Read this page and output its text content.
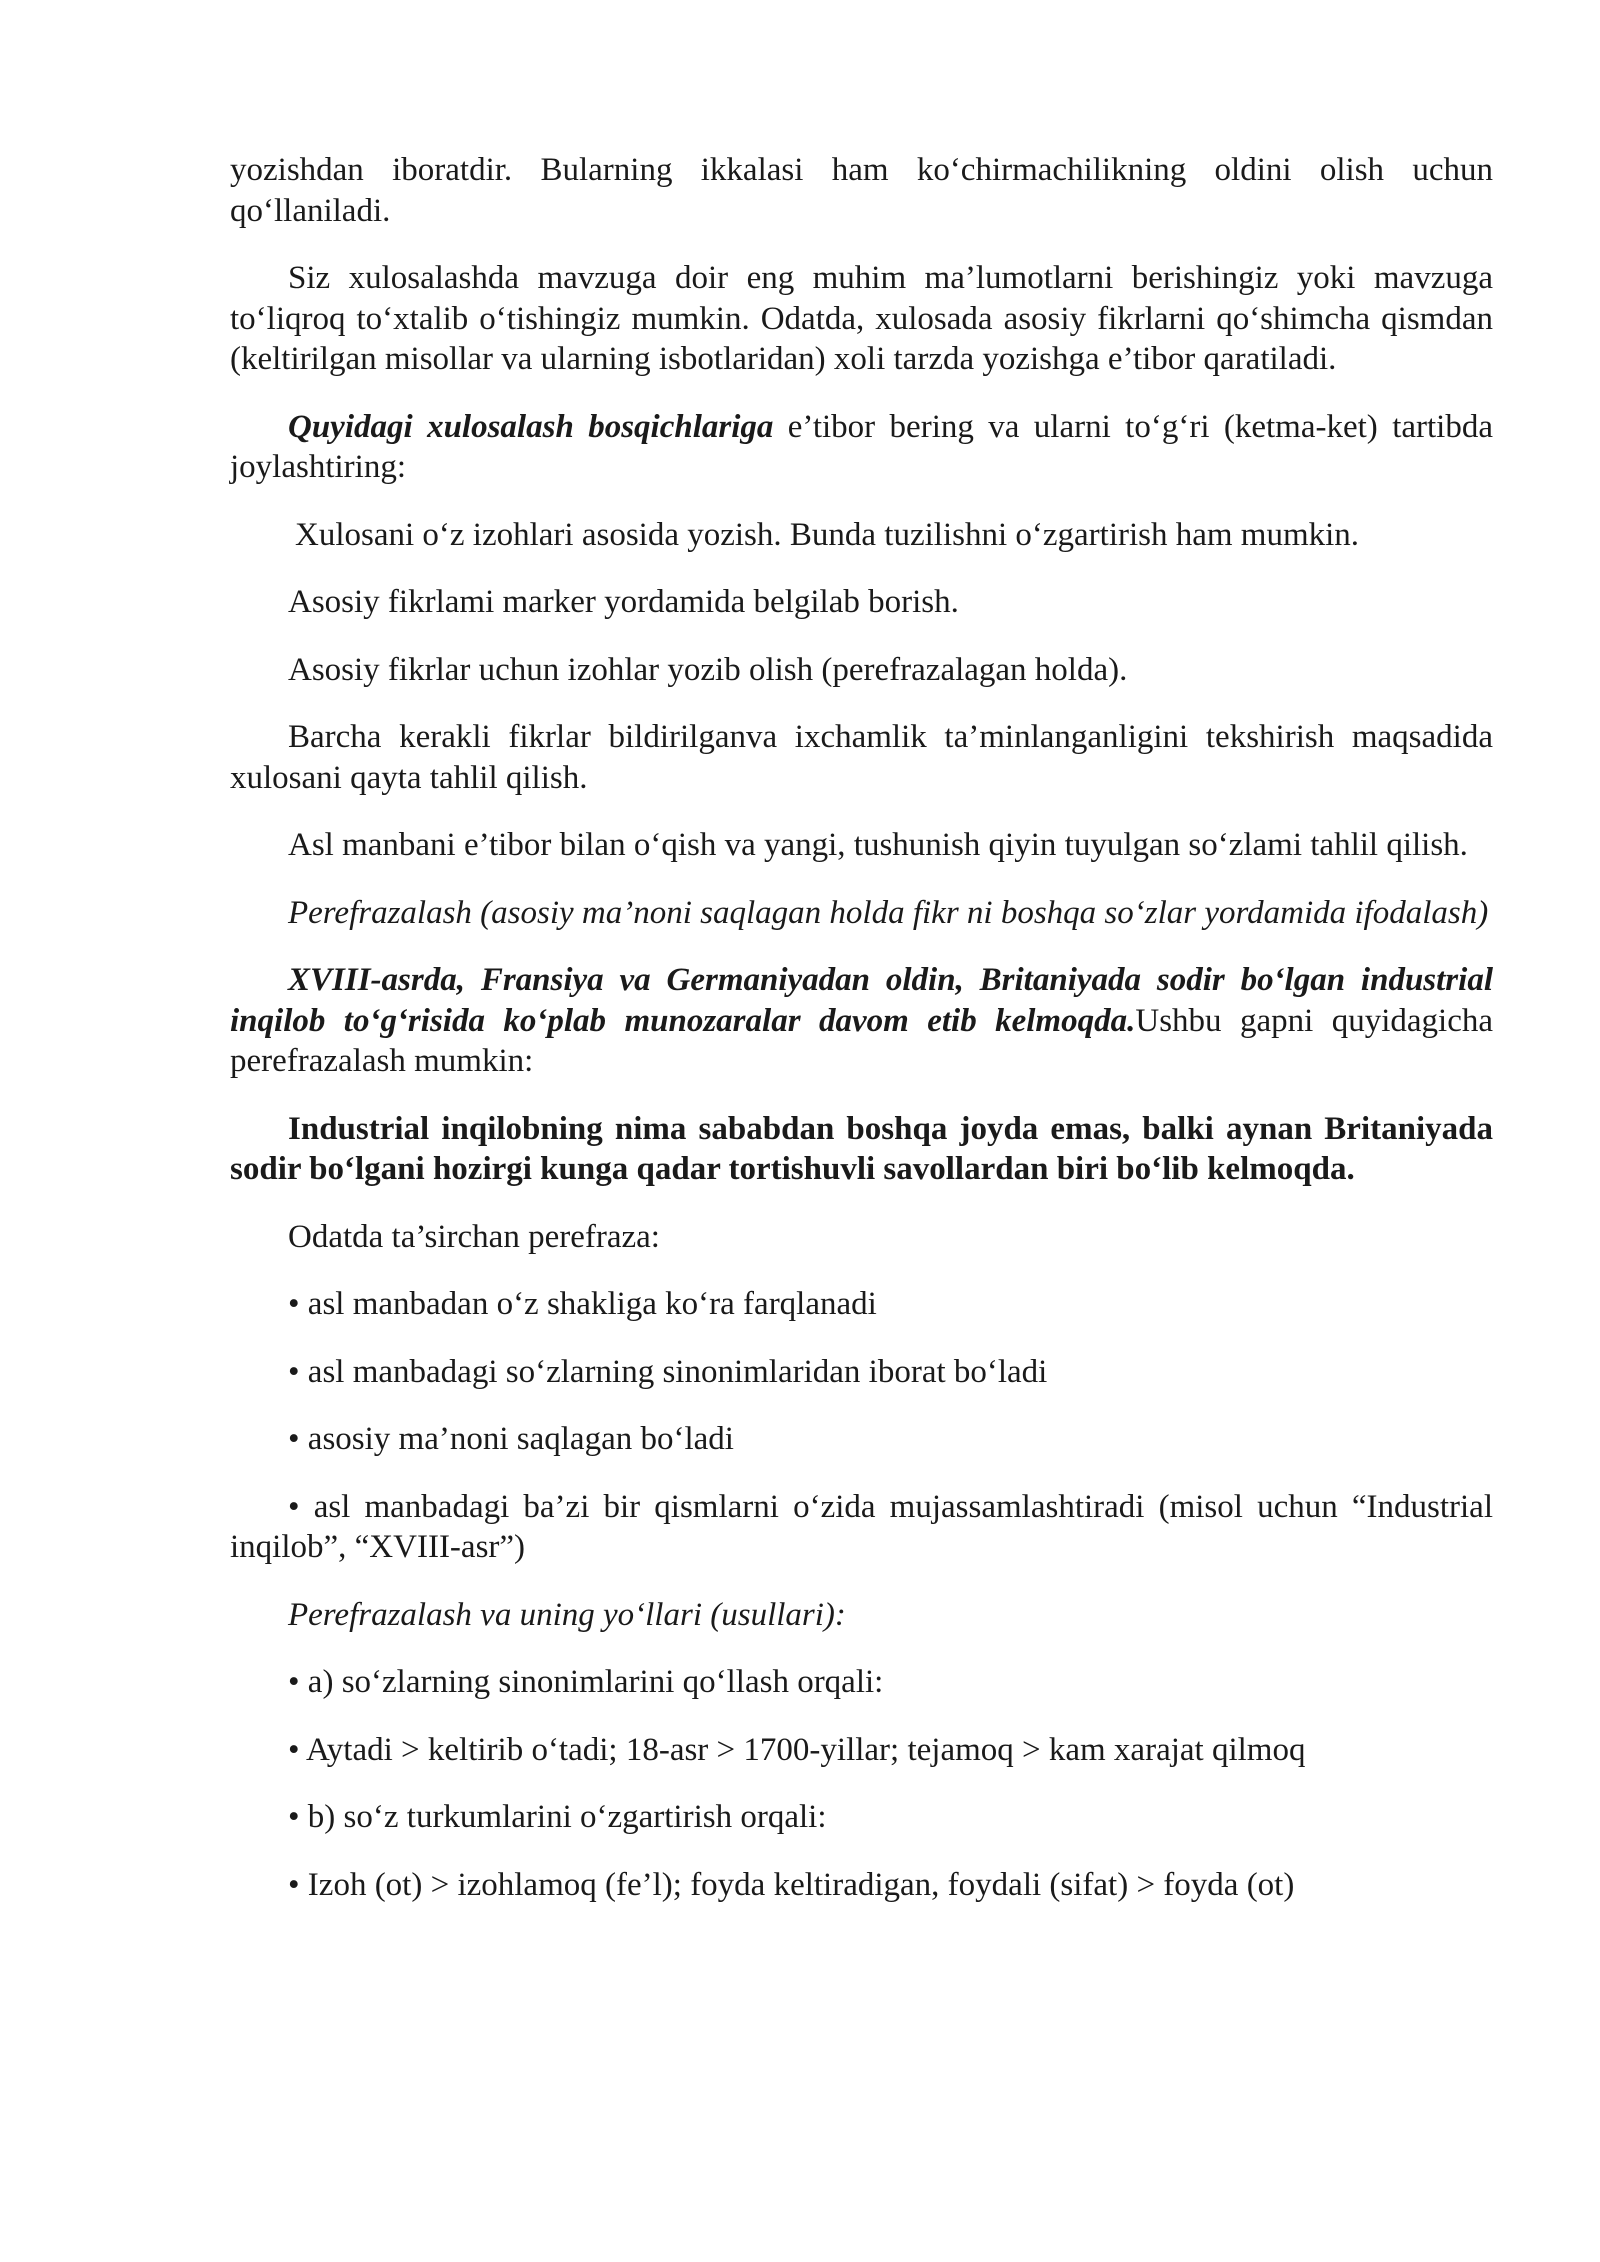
yozishdan iboratdir. Bularning ikkalasi ham ko‘chirmachilikning oldini olish uchun qo‘llaniladi.

Siz xulosalashda mavzuga doir eng muhim ma’lumotlarni berishingiz yoki mavzuga to‘liqroq to‘xtalib o‘tishingiz mumkin. Odatda, xulosada asosiy fikrlarni qo‘shimcha qismdan (keltirilgan misollar va ularning isbotlaridan) xoli tarzda yozishga e’tibor qaratiladi.

Quyidagi xulosalash bosqichlariga e’tibor bering va ularni to‘g‘ri (ketma-ket) tartibda joylashtiring:

Xulosani o‘z izohlari asosida yozish. Bunda tuzilishni o‘zgartirish ham mumkin.

Asosiy fikrlami marker yordamida belgilab borish.

Asosiy fikrlar uchun izohlar yozib olish (perefrazalagan holda).

Barcha kerakli fikrlar bildirilganva ixchamlik ta’minlanganligini tekshirish maqsadida xulosani qayta tahlil qilish.

Asl manbani e’tibor bilan o‘qish va yangi, tushunish qiyin tuyulgan so‘zlami tahlil qilish.

Perefrazalash (asosiy ma’noni saqlagan holda fikr ni boshqa so‘zlar yordamida ifodalash)

XVIII-asrda, Fransiya va Germaniyadan oldin, Britaniyada sodir bo‘lgan industrial inqilob to‘g‘risida ko‘plab munozaralar davom etib kelmoqda.Ushbu gapni quyidagicha perefrazalash mumkin:

Industrial inqilobning nima sababdan boshqa joyda emas, balki aynan Britaniyada sodir bo‘lgani hozirgi kunga qadar tortishuvli savollardan biri bo‘lib kelmoqda.

Odatda ta’sirchan perefraza:

• asl manbadan o‘z shakliga ko‘ra farqlanadi

• asl manbadagi so‘zlarning sinonimlaridan iborat bo‘ladi

• asosiy ma’noni saqlagan bo‘ladi

• asl manbadagi ba’zi bir qismlarni o‘zida mujassamlashtiradi (misol uchun “Industrial inqilob”, “XVIII-asr”)

Perefrazalash va uning yo‘llari (usullari):

• a) so‘zlarning sinonimlarini qo‘llash orqali:

• Aytadi > keltirib o‘tadi; 18-asr > 1700-yillar; tejamoq > kam xarajat qilmoq

• b) so‘z turkumlarini o‘zgartirish orqali:

• Izoh (ot) > izohlamoq (fe’l); foyda keltiradigan, foydali (sifat) > foyda (ot)
